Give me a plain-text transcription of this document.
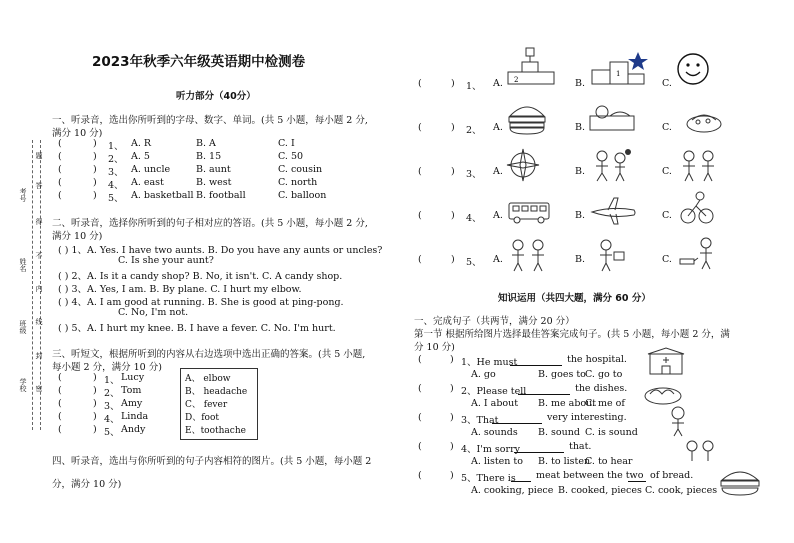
2023年秋季六年级英语期中检测卷
听力部分（40分）
考号
姓名
班级
学校
题
答
得
不
内
线
封
密
一、听录音，选出你所听到的字母、数字、单词。(共 5 小题，每小题 2 分,
满分 10 分)
(	) 1、 A. R	B. A	C. I
(	) 2、 A. 5	B. 15	C. 50
(	) 3、 A. uncle	B. aunt	C. cousin
(	) 4、 A. east	B. west	C. north
(	) 5、 A. basketball B. football	C. balloon
二、听录音，选择你所听到的句子相对应的答语。(共 5 小题，每小题 2 分,
满分 10 分)
( ) 1、A. Yes. I have two aunts. B. Do you have any aunts or uncles?
C. Is she your aunt?
( ) 2、A. Is it a candy shop? B. No, it isn't. C. A candy shop.
( ) 3、A. Yes, I am. B. By plane. C. I hurt my elbow.
( ) 4、A. I am good at running. B. She is good at ping-pong.
C. No, I'm not.
( ) 5、A. I hurt my knee. B. I have a fever. C. No. I'm hurt.
三、听短文，根据所听到的内容从右边选项中选出正确的答案。(共 5 小题,
每小题 2 分，满分 10 分)
(	) 1、 Lucy
(	) 2、 Tom
(	) 3、 Amy
(	) 4、 Linda
(	) 5、 Andy
A、 elbow
B、 headache
C、 fever
D、foot
E、toothache
四、听录音，选出与你所听到的句子内容相符的图片。(共 5 小题，每小题 2
分，满分 10 分)
(	) 1、 A.	B.	C.
(	) 2、 A.	B.	C.
(	) 3、 A.	B.	C.
(	) 4、 A.	B.	C.
(	) 5、 A.	B.	C.
2
1
知识运用（共四大题，满分 60 分）
一、完成句子（共两节，满分 20 分）
第一节 根据所给图片选择最佳答案完成句子。(共 5 小题，每小题 2 分，满
分 10 分)
(	) 1、He must	the hospital.
A. go	B. goes to C. go to
(	) 2、Please tell	the dishes.
A. I about B. me about
C. me of
(	) 3、That	very interesting.
A. sounds B. sound C. is sound
(	) 4、I'm sorry	that.
A. listen to B. to listen
C. to hear
(	) 5、There is meat between the two of bread.
A. cooking, piece B. cooked, pieces C. cook, pieces
